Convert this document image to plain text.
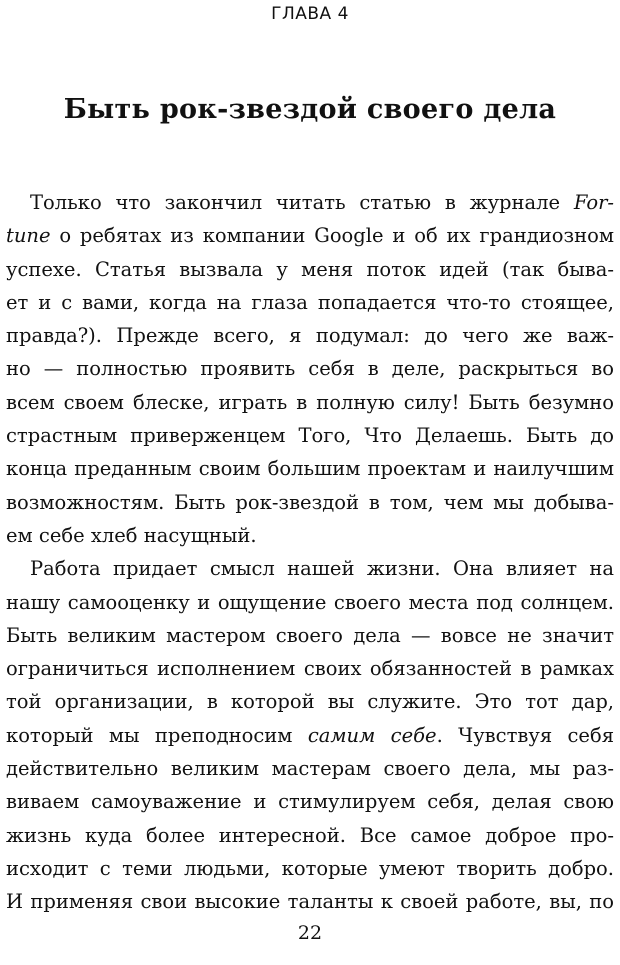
ГЛАВА 4
Быть рок-звездой своего дела
Только что закончил читать статью в журнале For-
tune о ребятах из компании Google и об их грандиозном
успехе. Статья вызвала у меня поток идей (так быва-
ет и с вами, когда на глаза попадается что-то стоящее,
правда?). Прежде всего, я подумал: до чего же важ-
но — полностью проявить себя в деле, раскрыться во
всем своем блеске, играть в полную силу! Быть безумно
страстным приверженцем Того, Что Делаешь. Быть до
конца преданным своим большим проектам и наилучшим
возможностям. Быть рок-звездой в том, чем мы добыва-
ем себе хлеб насущный.
Работа придает смысл нашей жизни. Она влияет на
нашу самооценку и ощущение своего места под солнцем.
Быть великим мастером своего дела — вовсе не значит
ограничиться исполнением своих обязанностей в рамках
той организации, в которой вы служите. Это тот дар,
который мы преподносим самим себе. Чувствуя себя
действительно великим мастерам своего дела, мы раз-
виваем самоуважение и стимулируем себя, делая свою
жизнь куда более интересной. Все самое доброе про-
исходит с теми людьми, которые умеют творить добро.
И применяя свои высокие таланты к своей работе, вы, по
22
